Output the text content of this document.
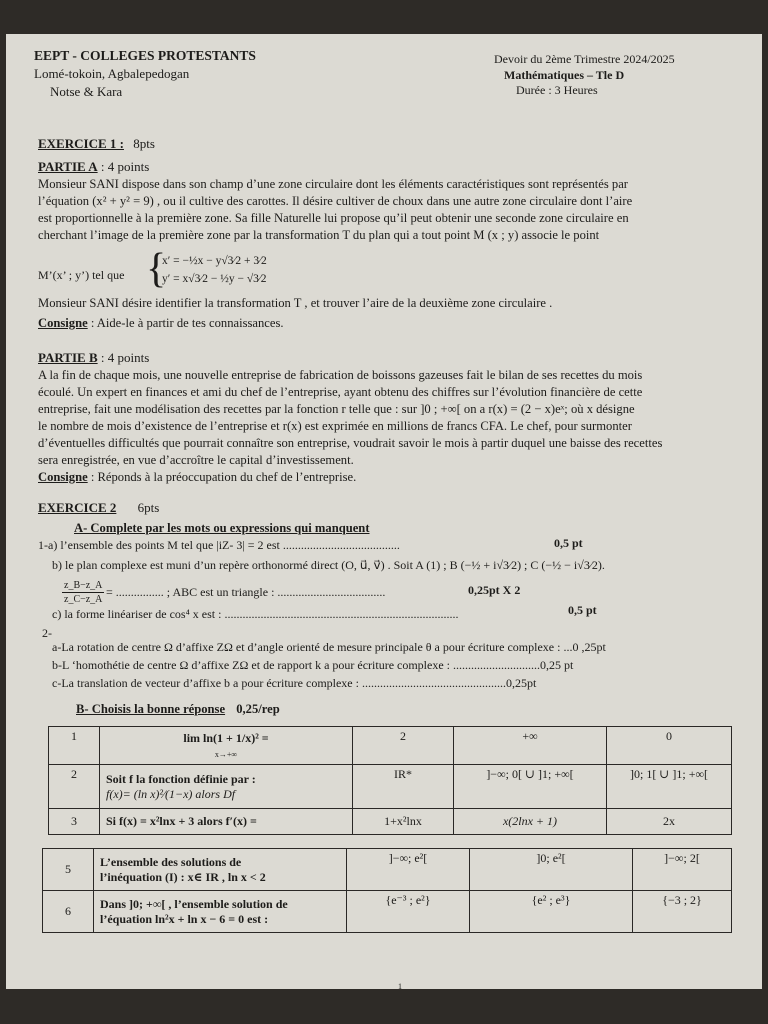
EEPT - COLLEGES PROTESTANTS
Lomé-tokoin, Agbalepedogan
Notse & Kara
Devoir du 2ème Trimestre 2024/2025
Mathématiques – Tle D
Durée : 3 Heures
EXERCICE 1 : 8pts
PARTIE A : 4 points
Monsieur SANI dispose dans son champ d’une zone circulaire dont les éléments caractéristiques sont représentés par
l’équation (x² + y² = 9) , ou il cultive des carottes. Il désire cultiver de choux dans une autre zone circulaire dont l’aire
est proportionnelle à la première zone. Sa fille Naturelle lui propose qu’il peut obtenir une seconde zone circulaire en
cherchant l’image de la première zone par la transformation T du plan qui a tout point M (x ; y) associe le point
M’(x’ ; y’) tel que {
x′ = −½x − y√3⁄2 + 3⁄2
y′ = x√3⁄2 − ½y − √3⁄2
Monsieur SANI désire identifier la transformation T , et trouver l’aire de la deuxième zone circulaire .
Consigne : Aide-le à partir de tes connaissances.
PARTIE B : 4 points
A la fin de chaque mois, une nouvelle entreprise de fabrication de boissons gazeuses fait le bilan de ses recettes du mois
écoulé. Un expert en finances et ami du chef de l’entreprise, ayant obtenu des chiffres sur l’évolution financière de cette
entreprise, fait une modélisation des recettes par la fonction r telle que : sur ]0 ; +∞[ on a r(x) = (2 − x)eˣ; où x désigne
le nombre de mois d’existence de l’entreprise et r(x) est exprimée en millions de francs CFA. Le chef, pour surmonter
d’éventuelles difficultés que pourrait connaître son entreprise, voudrait savoir le mois à partir duquel une baisse des recettes
sera enregistrée, en vue d’accroître le capital d’investissement.
Consigne : Réponds à la préoccupation du chef de l’entreprise.
EXERCICE 2 6pts
A- Complete par les mots ou expressions qui manquent
1-a) l’ensemble des points M tel que |iZ- 3| = 2 est .......................................	0,5 pt
b) le plan complexe est muni d’un repère orthonormé direct (O, u⃗, v⃗) . Soit A (1) ; B (−½ + i√3⁄2) ; C (−½ − i√3⁄2).
$\frac{z\_B-z\_A}{z\_C-z\_A}$ = ................ ; ABC est un triangle : ....................................	0,25pt X 2
c) la forme linéariser de cos⁴ x est : ..............................................................................	0,5 pt
2-
a-La rotation de centre Ω d’affixe ZΩ et d’angle orienté de mesure principale θ a pour écriture complexe : ...0 ,25pt
b-L ‘homothétie de centre Ω d’affixe ZΩ et de rapport k a pour écriture complexe : .............................0,25 pt
c-La translation de vecteur d’affixe b a pour écriture complexe : ................................................0,25pt
B- Choisis la bonne réponse 0,25/rep
1	lim ln(1 + 1/x)² =
x→+∞	2	+∞	0
2	Soit f la fonction définie par :
f(x)= (ln x)²⁄(1−x) alors Df	IR*	]−∞; 0[ ∪ ]1; +∞[	]0; 1[ ∪ ]1; +∞[
3	Si f(x) = x²lnx + 3 alors f′(x) =	1+x²lnx	x(2lnx + 1)	2x
5	L’ensemble des solutions de
l’inéquation (I) : x∈ IR , ln x < 2	]−∞; e²[	]0; e²[	]−∞; 2[
6	Dans ]0; +∞[ , l’ensemble solution de
l’équation ln²x + ln x − 6 = 0 est :	{e⁻³ ; e²}	{e² ; e³}	{−3 ; 2}
1
